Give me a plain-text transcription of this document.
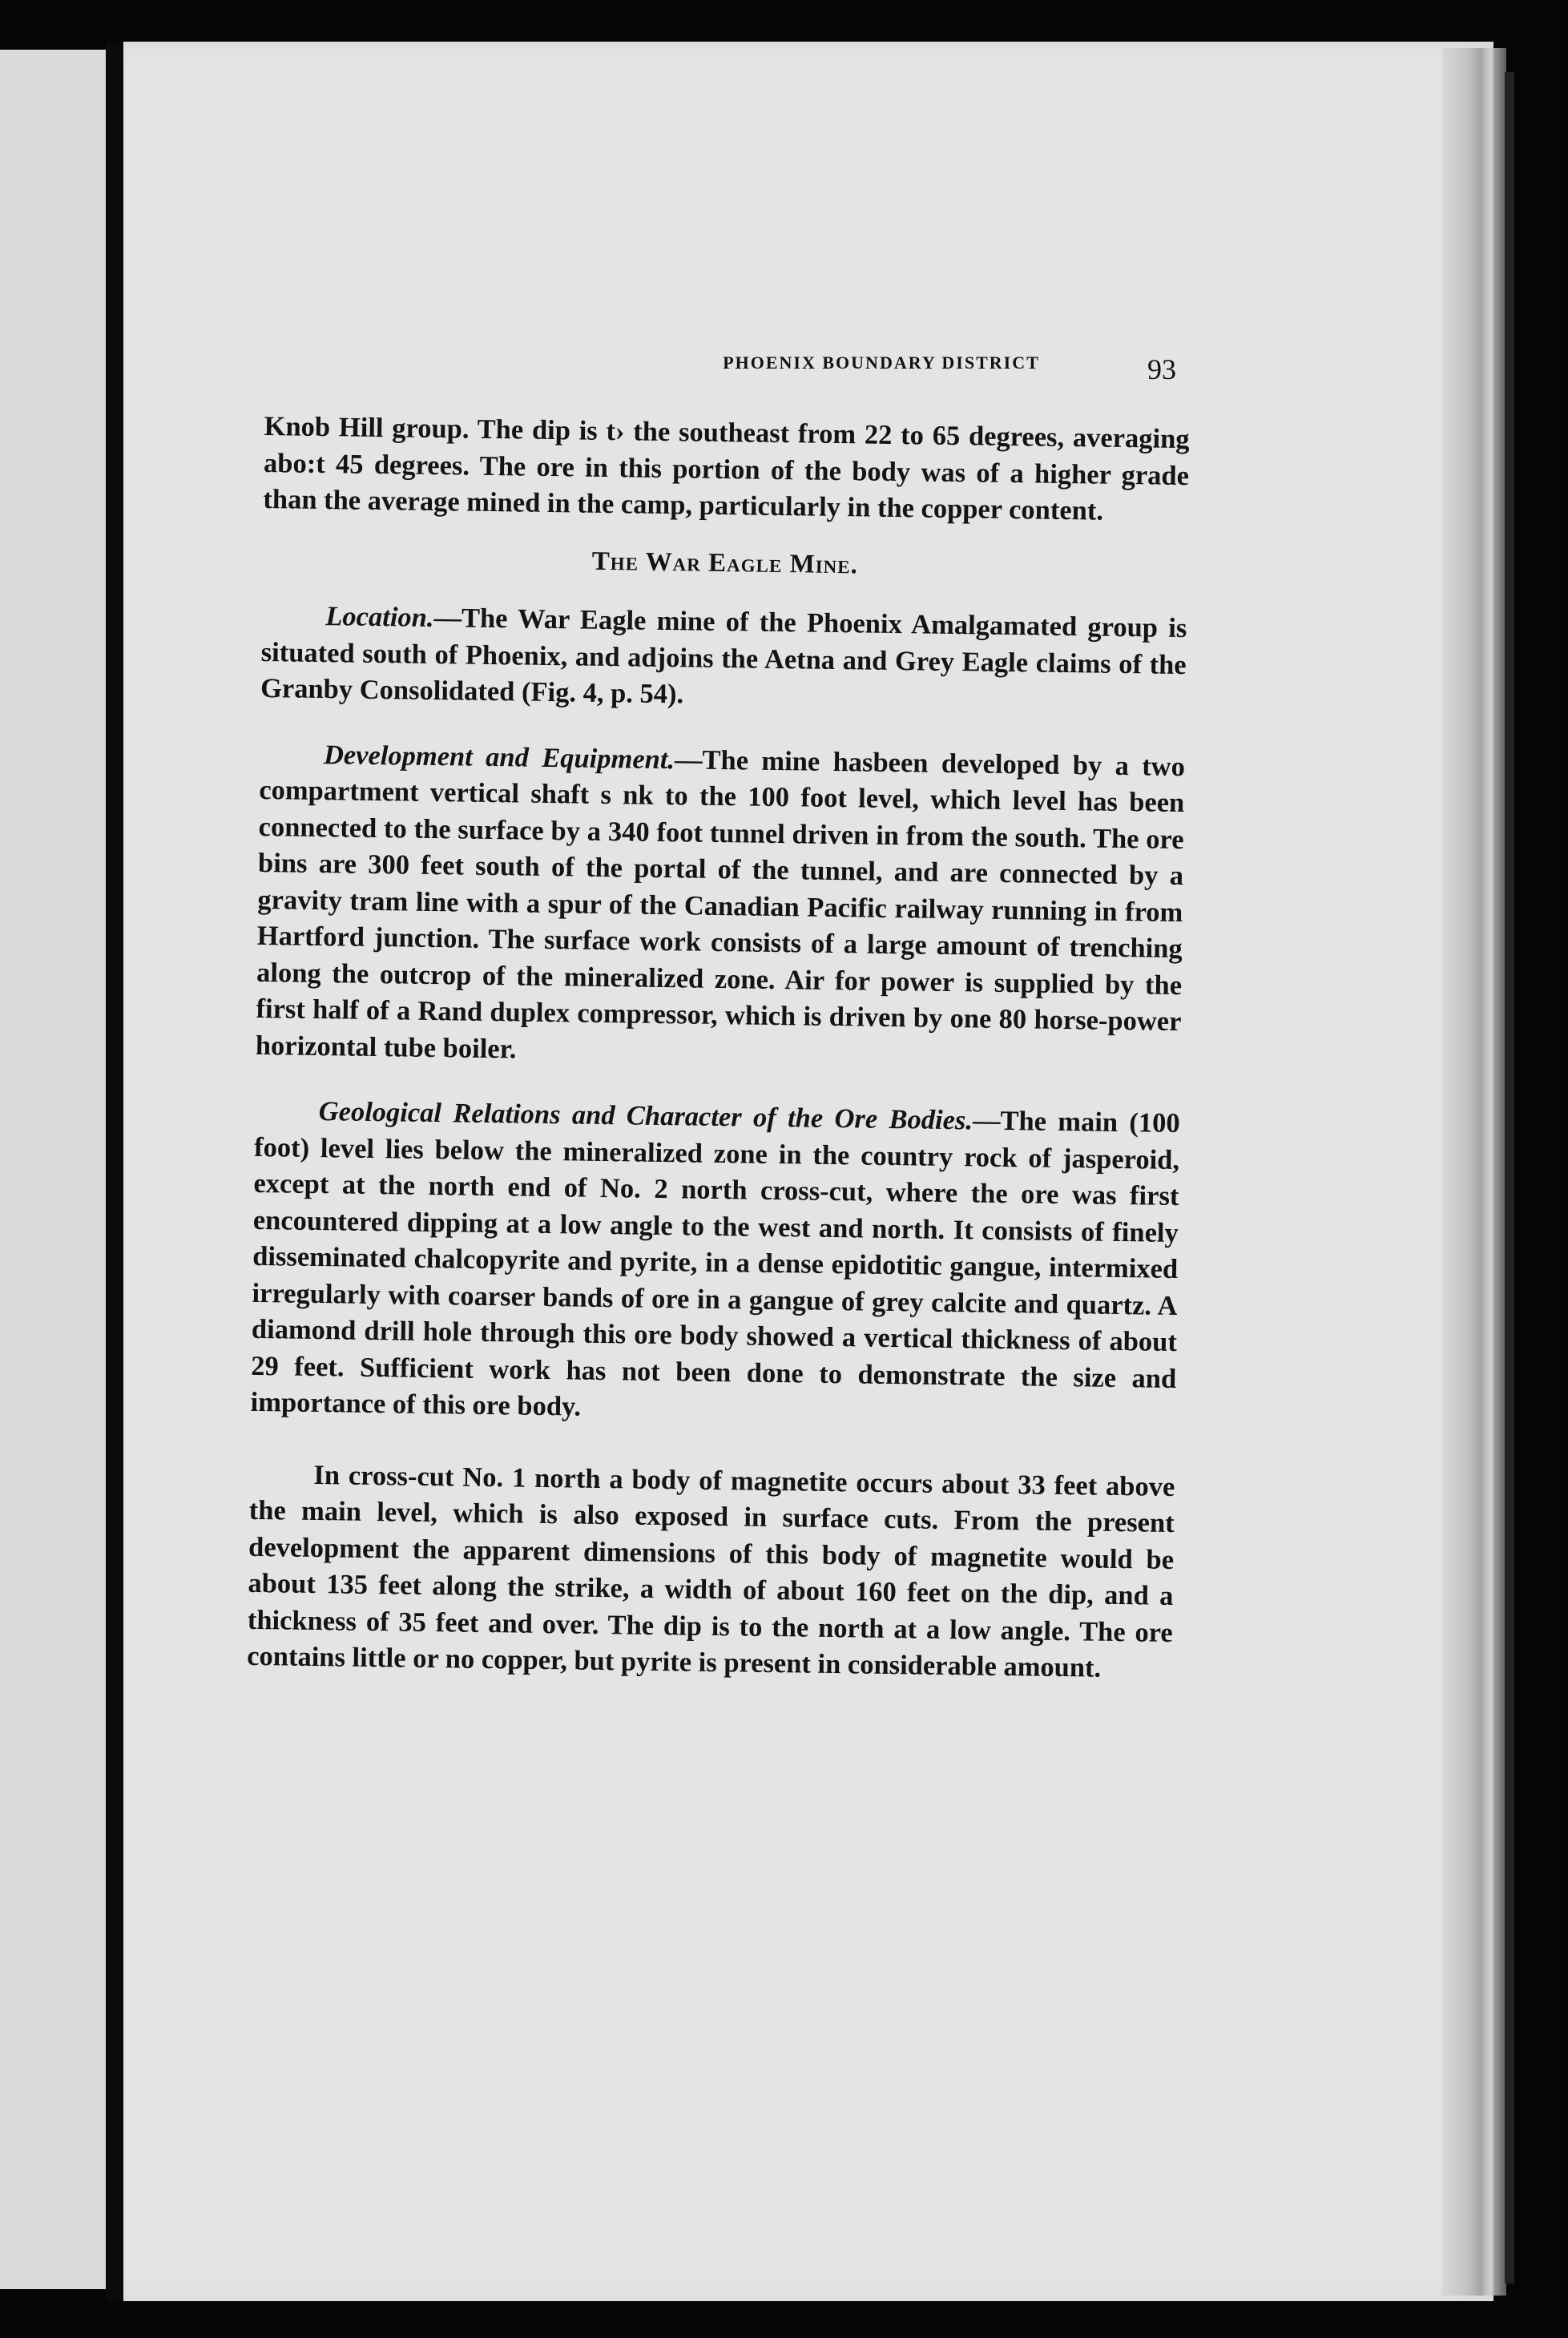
PHOENIX BOUNDARY DISTRICT	93

Knob Hill group. The dip is t› the southeast from 22 to 65 degrees, averaging abo:t 45 degrees. The ore in this portion of the body was of a higher grade than the average mined in the camp, particularly in the copper content.

The War Eagle Mine.

Location.—The War Eagle mine of the Phoenix Amalgamated group is situated south of Phoenix, and adjoins the Aetna and Grey Eagle claims of the Granby Consolidated (Fig. 4, p. 54).

Development and Equipment.—The mine hasbeen developed by a two compartment vertical shaft s nk to the 100 foot level, which level has been connected to the surface by a 340 foot tunnel driven in from the south. The ore bins are 300 feet south of the portal of the tunnel, and are connected by a gravity tram line with a spur of the Canadian Pacific railway running in from Hartford junction. The surface work consists of a large amount of trenching along the outcrop of the mineralized zone. Air for power is supplied by the first half of a Rand duplex compressor, which is driven by one 80 horse-power horizontal tube boiler.

Geological Relations and Character of the Ore Bodies.—The main (100 foot) level lies below the mineralized zone in the country rock of jasperoid, except at the north end of No. 2 north cross-cut, where the ore was first encountered dipping at a low angle to the west and north. It consists of finely disseminated chalcopyrite and pyrite, in a dense epidotitic gangue, intermixed irregularly with coarser bands of ore in a gangue of grey calcite and quartz. A diamond drill hole through this ore body showed a vertical thickness of about 29 feet. Sufficient work has not been done to demonstrate the size and importance of this ore body.

In cross-cut No. 1 north a body of magnetite occurs about 33 feet above the main level, which is also exposed in surface cuts. From the present development the apparent dimensions of this body of magnetite would be about 135 feet along the strike, a width of about 160 feet on the dip, and a thickness of 35 feet and over. The dip is to the north at a low angle. The ore contains little or no copper, but pyrite is present in considerable amount.
